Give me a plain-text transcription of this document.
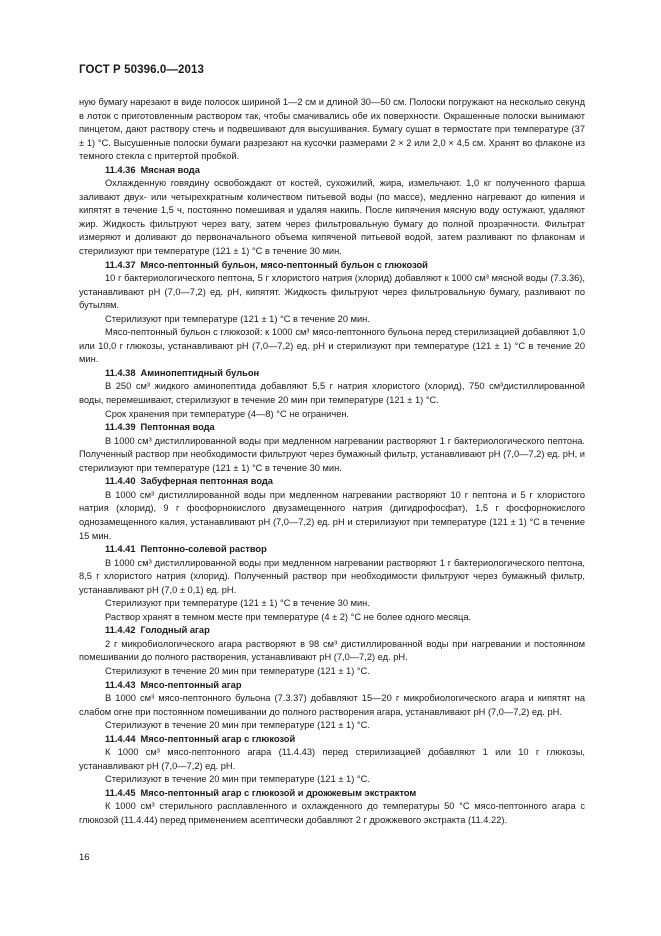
ГОСТ Р 50396.0—2013

ную бумагу нарезают в виде полосок шириной 1—2 см и длиной 30—50 см. Полоски погружают на несколько секунд в лоток с приготовленным раствором так, чтобы смачивались обе их поверхности. Окрашенные полоски вынимают пинцетом, дают раствору стечь и подвешивают для высушивания. Бумагу сушат в термостате при температуре (37 ± 1) °С. Высушенные полоски бумаги разрезают на кусочки размерами 2 × 2 или 2,0 × 4,5 см. Хранят во флаконе из темного стекла с притертой пробкой.

11.4.36 Мясная вода

Охлажденную говядину освобождают от костей, сухожилий, жира, измельчают. 1,0 кг полученного фарша заливают двух- или четырехкратным количеством питьевой воды (по массе), медленно нагревают до кипения и кипятят в течение 1,5 ч, постоянно помешивая и удаляя накипь. После кипячения мясную воду остужают, удаляют жир. Жидкость фильтруют через вату, затем через фильтровальную бумагу до полной прозрачности. Фильтрат измеряют и доливают до первоначального объема кипяченой питьевой водой, затем разливают по флаконам и стерилизуют при температуре (121 ± 1) °С в течение 30 мин.

11.4.37 Мясо-пептонный бульон, мясо-пептонный бульон с глюкозой

10 г бактериологического пептона, 5 г хлористого натрия (хлорид) добавляют к 1000 см³ мясной воды (7.3.36), устанавливают pH (7,0—7,2) ед. pH, кипятят. Жидкость фильтруют через фильтровальную бумагу, разливают по бутылям.

Стерилизуют при температуре (121 ± 1) °С в течение 20 мин.

Мясо-пептонный бульон с глюкозой: к 1000 см³ мясо-пептонного бульона перед стерилизацией добавляют 1,0 или 10,0 г глюкозы, устанавливают pH (7,0—7,2) ед. pH и стерилизуют при температуре (121 ± 1) °С в течение 20 мин.

11.4.38 Аминопептидный бульон

В 250 см³ жидкого аминопептида добавляют 5,5 г натрия хлористого (хлорид), 750 см³дистиллированной воды, перемешивают, стерилизуют в течение 20 мин при температуре (121 ± 1) °С.

Срок хранения при температуре (4—8) °С не ограничен.

11.4.39 Пептонная вода

В 1000 см³ дистиллированной воды при медленном нагревании растворяют 1 г бактериологического пептона. Полученный раствор при необходимости фильтруют через бумажный фильтр, устанавливают pH (7,0—7,2) ед. pH, и стерилизуют при температуре (121 ± 1) °С в течение 30 мин.

11.4.40 Забуферная пептонная вода

В 1000 см³ дистиллированной воды при медленном нагревании растворяют 10 г пептона и 5 г хлористого натрия (хлорид), 9 г фосфорнокислого двузамещенного натрия (дигидрофосфат), 1,5 г фосфорнокислого однозамещенного калия, устанавливают pH (7,0—7,2) ед. pH и стерилизуют при температуре (121 ± 1) °С в течение 15 мин.

11.4.41 Пептонно-солевой раствор

В 1000 см³ дистиллированной воды при медленном нагревании растворяют 1 г бактериологического пептона, 8,5 г хлористого натрия (хлорид). Полученный раствор при необходимости фильтруют через бумажный фильтр, устанавливают pH (7,0 ± 0,1) ед. pH.

Стерилизуют при температуре (121 ± 1) °С в течение 30 мин.

Раствор хранят в темном месте при температуре (4 ± 2) °С не более одного месяца.

11.4.42 Голодный агар

2 г микробиологического агара растворяют в 98 см³ дистиллированной воды при нагревании и постоянном помешивании до полного растворения, устанавливают pH (7,0—7,2) ед. pH.

Стерилизуют в течение 20 мин при температуре (121 ± 1) °С.

11.4.43 Мясо-пептонный агар

В 1000 см³ мясо-пептонного бульона (7.3.37) добавляют 15—20 г микробиологического агара и кипятят на слабом огне при постоянном помешивании до полного растворения агара, устанавливают pH (7,0—7,2) ед. pH.

Стерилизуют в течение 20 мин при температуре (121 ± 1) °С.

11.4.44 Мясо-пептонный агар с глюкозой

К 1000 см³ мясо-пептонного агара (11.4.43) перед стерилизацией добавляют 1 или 10 г глюкозы, устанавливают pH (7,0—7,2) ед. pH.

Стерилизуют в течение 20 мин при температуре (121 ± 1) °С.

11.4.45 Мясо-пептонный агар с глюкозой и дрожжевым экстрактом

К 1000 см³ стерильного расплавленного и охлажденного до температуры 50 °С мясо-пептонного агара с глюкозой (11.4.44) перед применением асептически добавляют 2 г дрожжевого экстракта (11.4.22).

16
